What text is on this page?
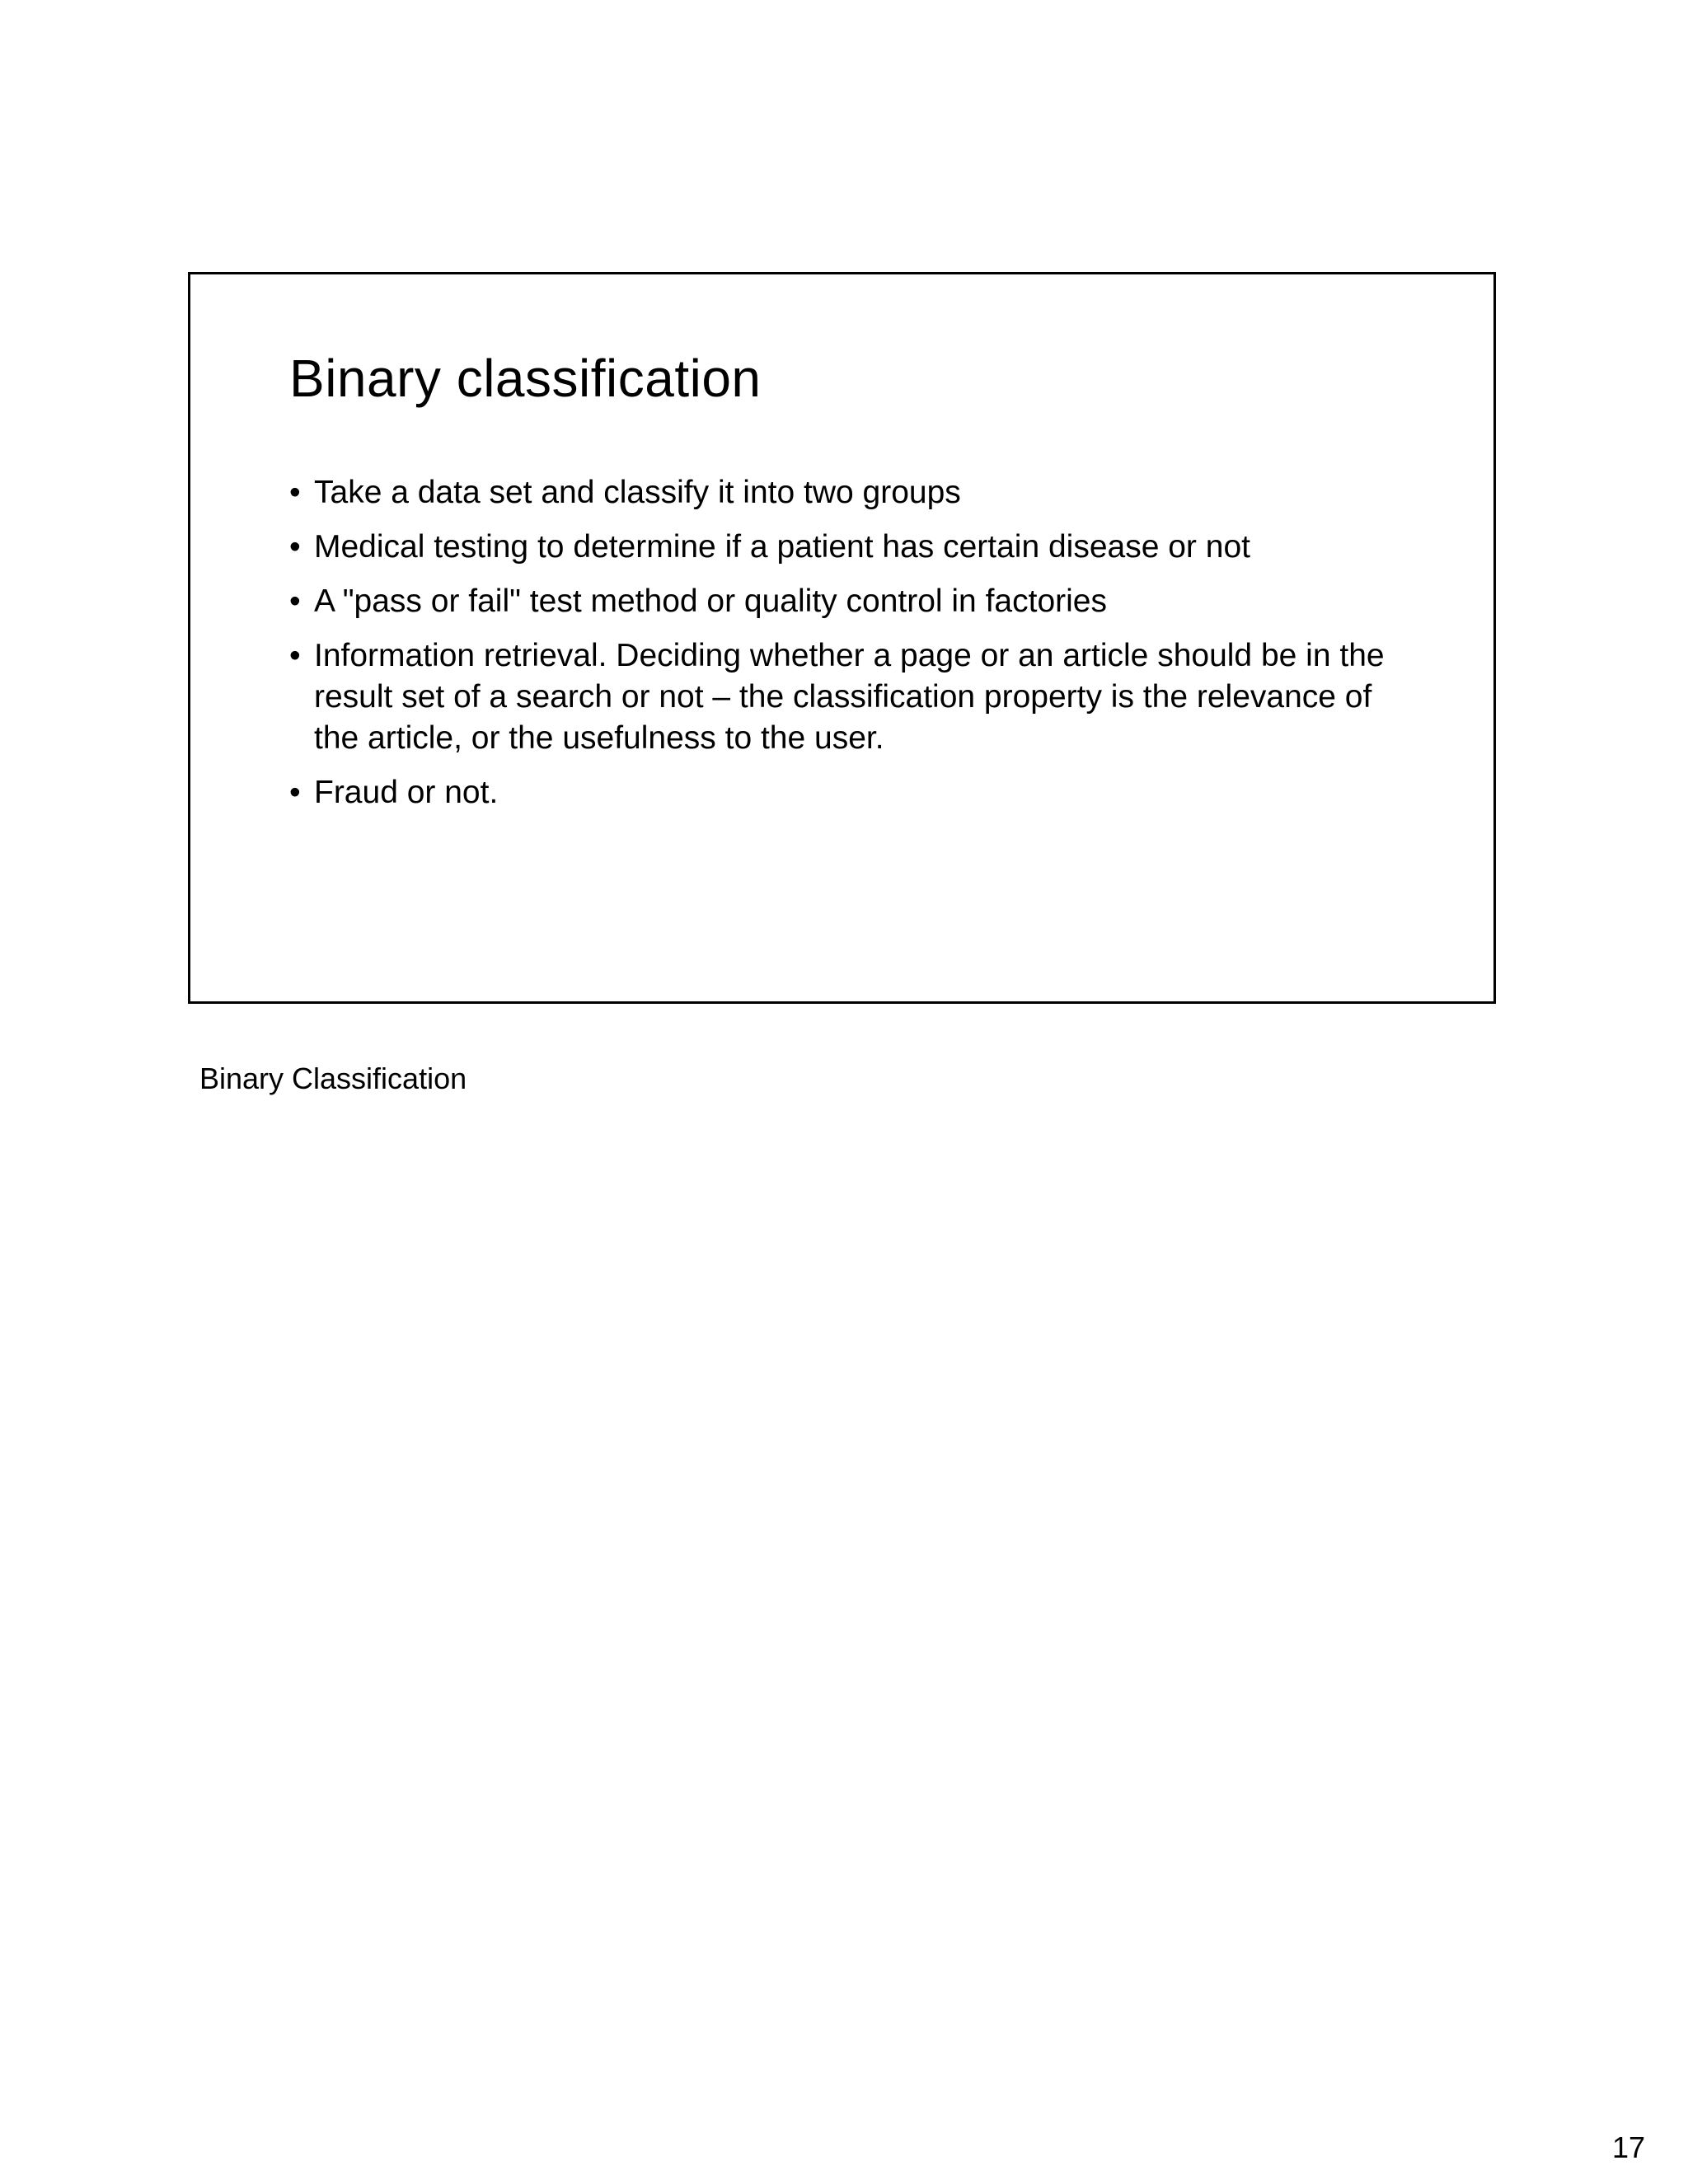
Binary classification
• Take a data set and classify it into two groups
• Medical testing to determine if a patient has certain disease or not
• A "pass or fail" test method or quality control in factories
• Information retrieval. Deciding whether a page or an article should be in the result set of a search or not – the classification property is the relevance of the article, or the usefulness to the user.
• Fraud or not.
Binary Classification
17
